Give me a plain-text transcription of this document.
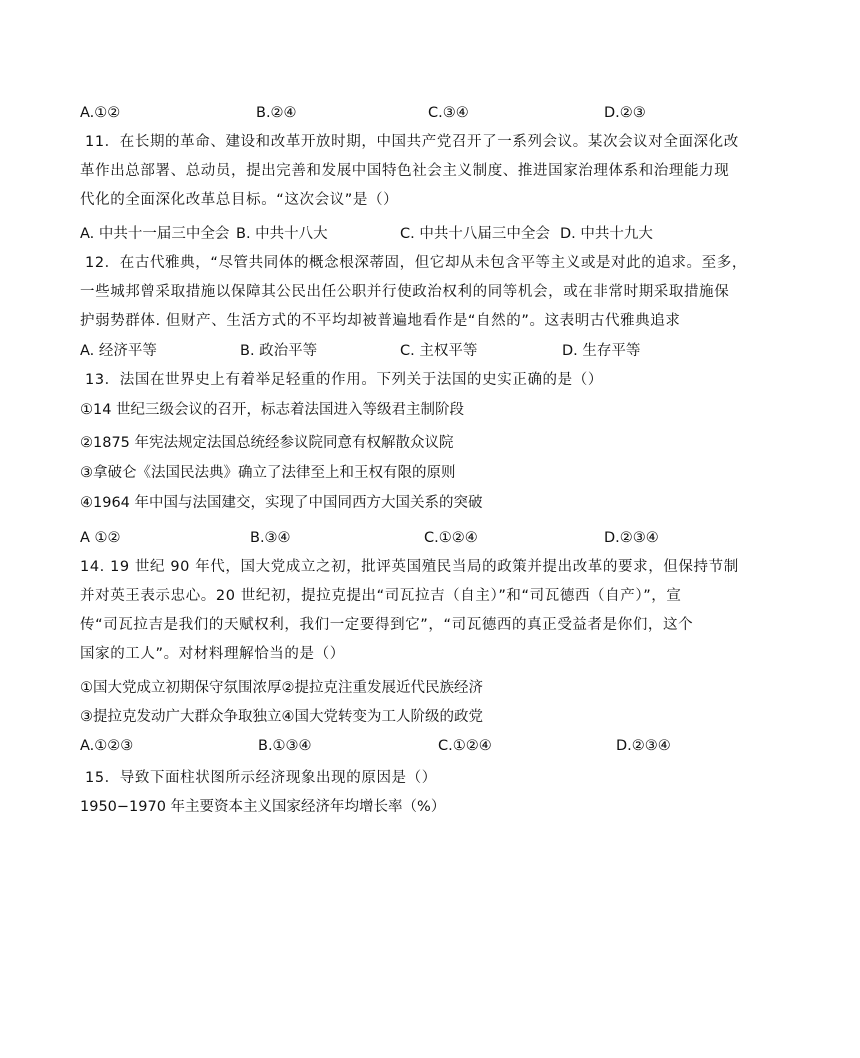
A.①②	B.②④	C.③④	D.②③
11．在长期的革命、建设和改革开放时期，中国共产党召开了一系列会议。某次会议对全面深化改
革作出总部署、总动员，提出完善和发展中国特色社会主义制度、推进国家治理体系和治理能力现
代化的全面深化改革总目标。“这次会议”是（）
A. 中共十一届三中全会 B. 中共十八大	C. 中共十八届三中全会 D. 中共十九大
12．在古代雅典，“尽管共同体的概念根深蒂固，但它却从未包含平等主义或是对此的追求。至多，
一些城邦曾采取措施以保障其公民出任公职并行使政治权利的同等机会，或在非常时期采取措施保
护弱势群体. 但财产、生活方式的不平均却被普遍地看作是“自然的”。这表明古代雅典追求
A. 经济平等	B. 政治平等	C. 主权平等	D. 生存平等
13．法国在世界史上有着举足轻重的作用。下列关于法国的史实正确的是（）
①14 世纪三级会议的召开，标志着法国进入等级君主制阶段
②1875 年宪法规定法国总统经参议院同意有权解散众议院
③拿破仑《法国民法典》确立了法律至上和王权有限的原则
④1964 年中国与法国建交，实现了中国同西方大国关系的突破
A ①②	B.③④	C.①②④	D.②③④
14. 19 世纪 90 年代，国大党成立之初，批评英国殖民当局的政策并提出改革的要求，但保持节制
并对英王表示忠心。20 世纪初，提拉克提出“司瓦拉吉（自主）”和“司瓦德西（自产）”，宣
传“司瓦拉吉是我们的天赋权利，我们一定要得到它”，“司瓦德西的真正受益者是你们，这个
国家的工人”。对材料理解恰当的是（）
①国大党成立初期保守氛围浓厚②提拉克注重发展近代民族经济
③提拉克发动广大群众争取独立④国大党转变为工人阶级的政党
A.①②③	B.①③④	C.①②④	D.②③④
15．导致下面柱状图所示经济现象出现的原因是（）
1950−1970 年主要资本主义国家经济年均增长率（%）
